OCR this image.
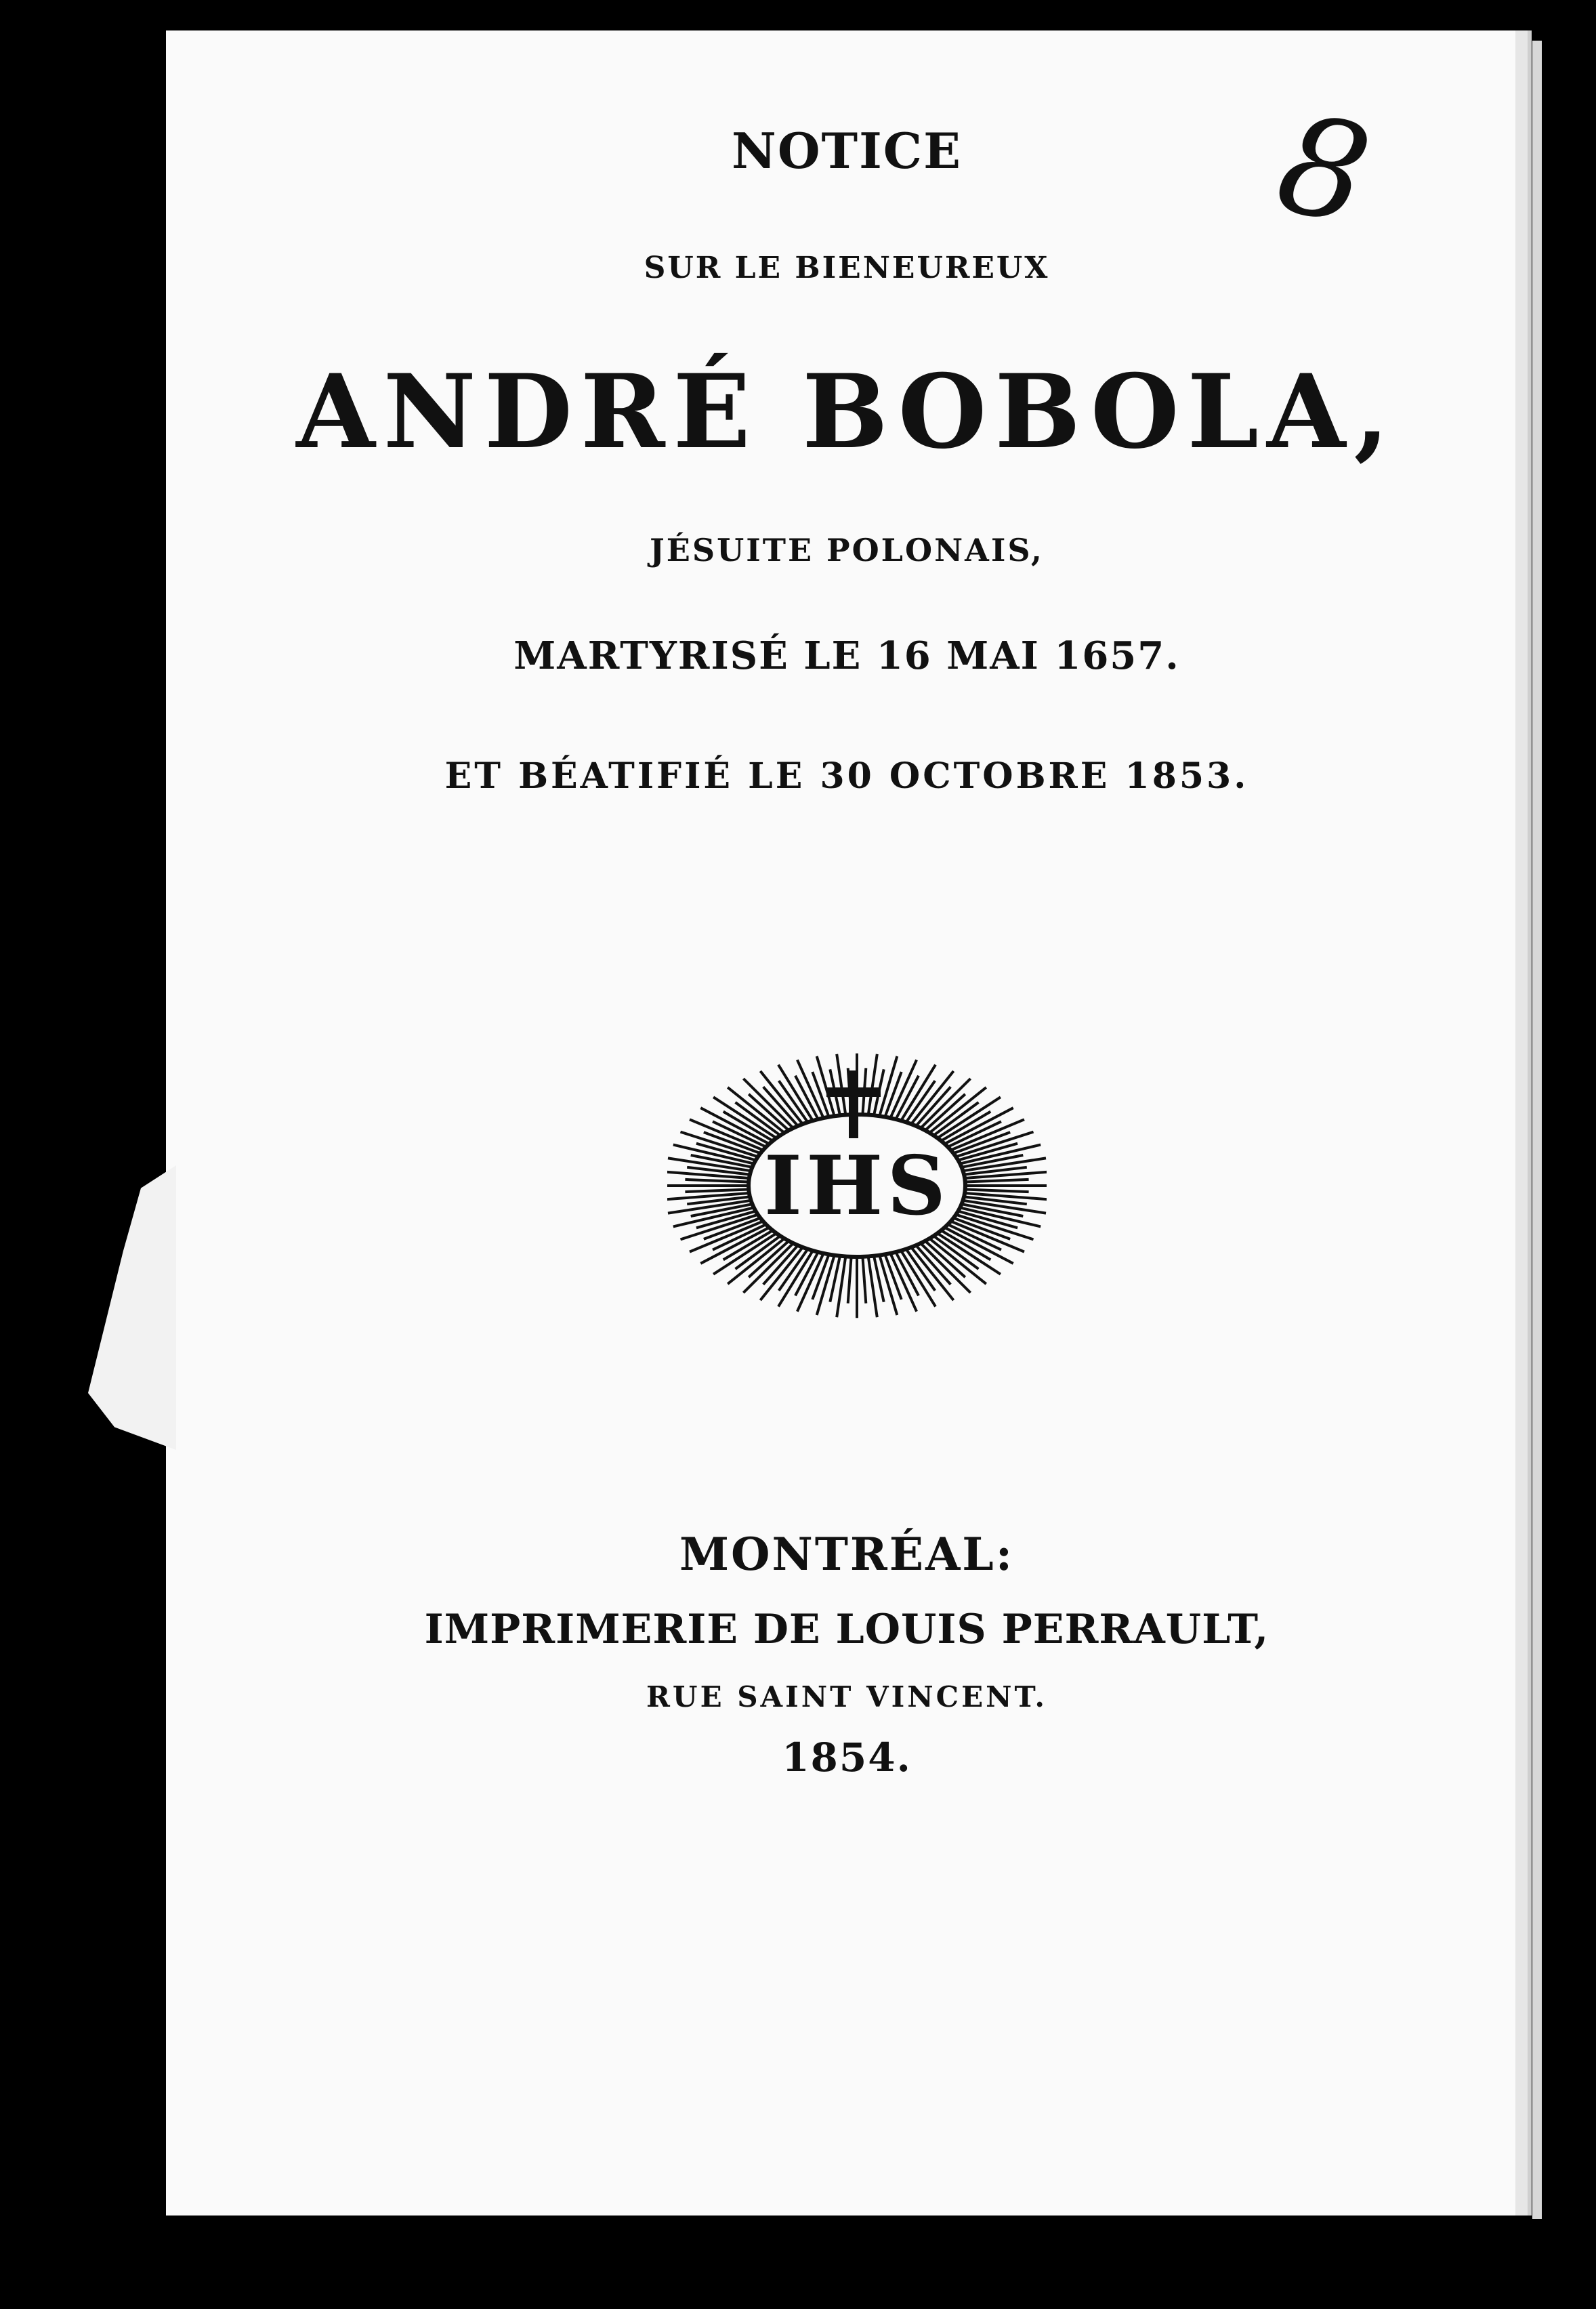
8
NOTICE
SUR LE BIENEUREUX
ANDRÉ BOBOLA,
JÉSUITE POLONAIS,
MARTYRISÉ LE 16 MAI 1657.
ET BÉATIFIÉ LE 30 OCTOBRE 1853.
IHS
MONTRÉAL:
IMPRIMERIE DE LOUIS PERRAULT,
RUE SAINT VINCENT.
1854.
